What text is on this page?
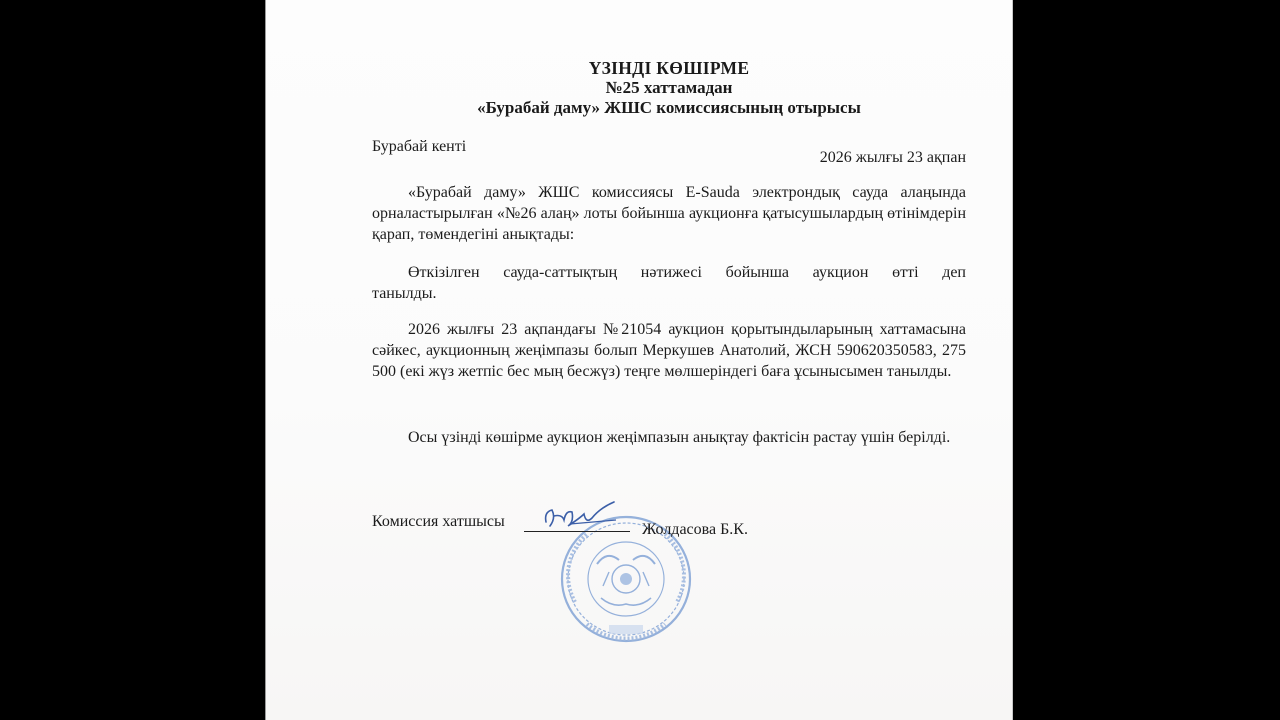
ҮЗІНДІ КӨШІРМЕ
№25 хаттамадан
«Бурабай даму» ЖШС комиссиясының отырысы
Бурабай кенті
2026 жылғы 23 ақпан

«Бурабай даму» ЖШС комиссиясы E-Sauda электрондық сауда алаңында орналастырылған «№26 алаң» лоты бойынша аукционға қатысушылардың өтінімдерін қарап, төмендегіні анықтады:

Өткізілген сауда-саттықтың нәтижесі бойынша аукцион өтті деп танылды.

2026 жылғы 23 ақпандағы №21054 аукцион қорытындыларының хаттамасына сәйкес, аукционның жеңімпазы болып Меркушев Анатолий, ЖСН 590620350583, 275 500 (екі жүз жетпіс бес мың бесжүз) теңге мөлшеріндегі баға ұсынысымен танылды.

Осы үзінді көшірме аукцион жеңімпазын анықтау фактісін растау үшін берілді.

Комиссия хатшысы	Жолдасова Б.К.
